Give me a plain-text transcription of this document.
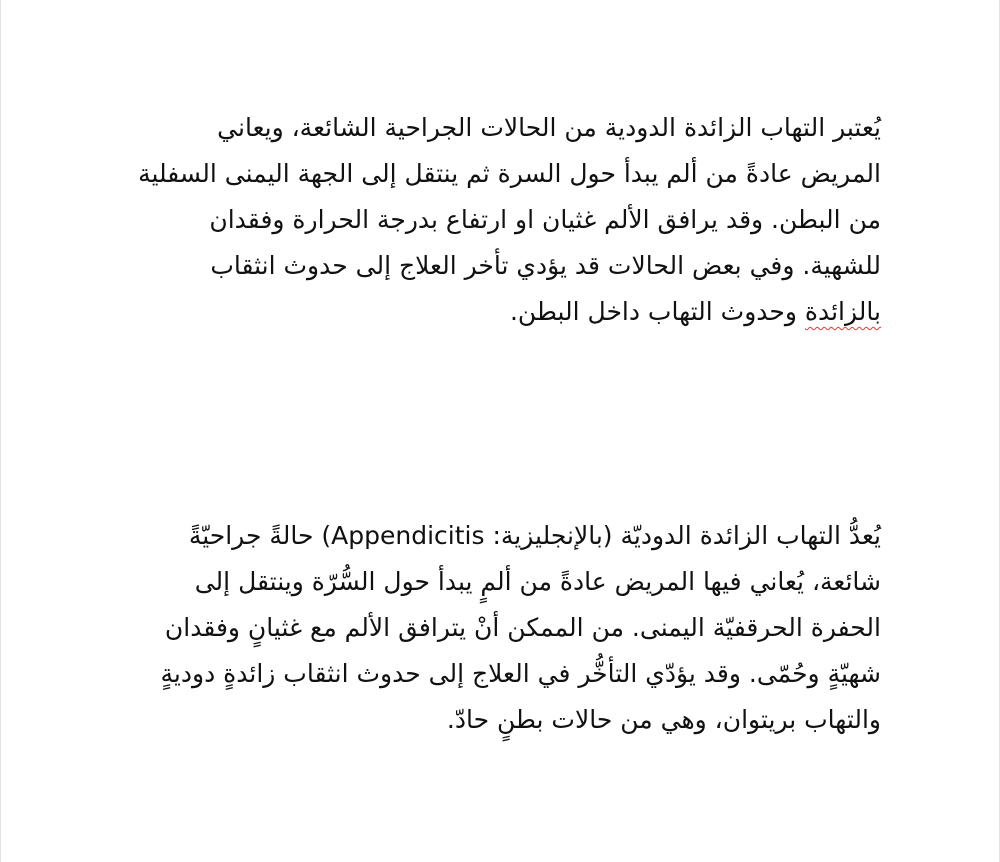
يُعتبر التهاب الزائدة الدودية من الحالات الجراحية الشائعة، ويعاني
المريض عادةً من ألم يبدأ حول السرة ثم ينتقل إلى الجهة اليمنى السفلية
من البطن. وقد يرافق الألم غثيان او ارتفاع بدرجة الحرارة وفقدان
للشهية. وفي بعض الحالات قد يؤدي تأخر العلاج إلى حدوث انثقاب
بالزائدة وحدوث التهاب داخل البطن.

يُعدُّ التهاب الزائدة الدوديّة (بالإنجليزية: Appendicitis) حالةً جراحيّةً
شائعة، يُعاني فيها المريض عادةً من ألمٍ يبدأ حول السُّرّة وينتقل إلى
الحفرة الحرقفيّة اليمنى. من الممكن أنْ يترافق الألم مع غثيانٍ وفقدان
شهيّةٍ وحُمّى. وقد يؤدّي التأخُّر في العلاج إلى حدوث انثقاب زائدةٍ دوديةٍ
والتهاب بريتوان، وهي من حالات بطنٍ حادّ.
